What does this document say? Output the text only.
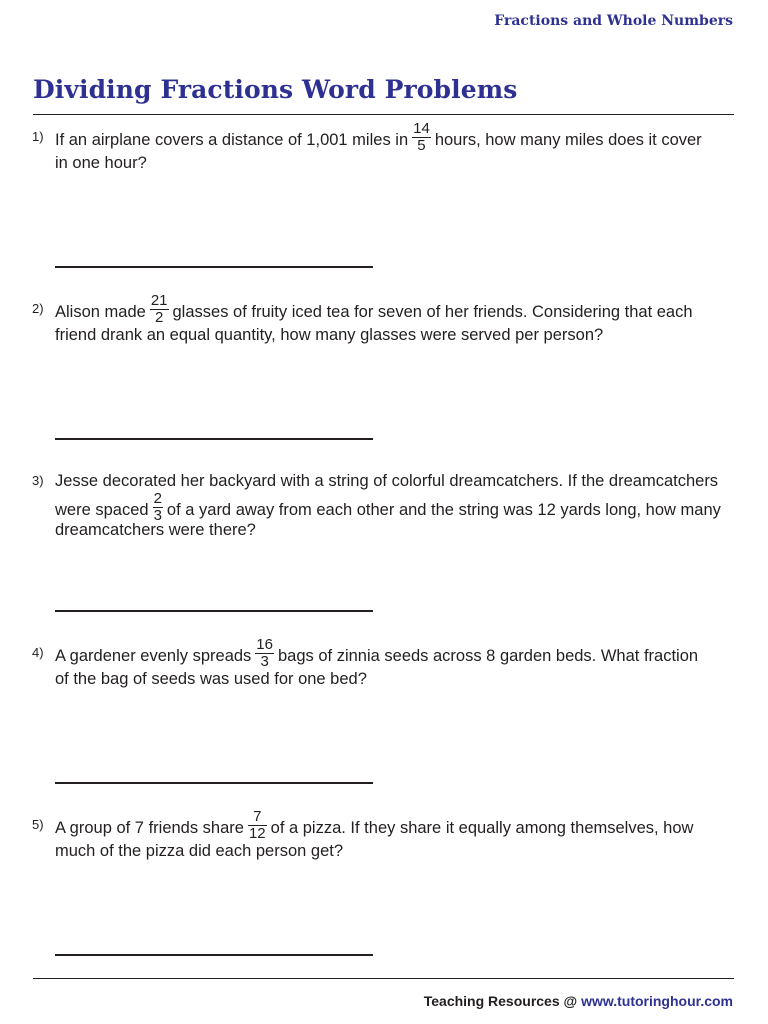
Fractions and Whole Numbers
Dividing Fractions Word Problems
1) If an airplane covers a distance of 1,001 miles in $\frac{14}{5}$ hours, how many miles does it cover
in one hour?
2) Alison made $\frac{21}{2}$ glasses of fruity iced tea for seven of her friends. Considering that each
friend drank an equal quantity, how many glasses were served per person?
3) Jesse decorated her backyard with a string of colorful dreamcatchers. If the dreamcatchers
were spaced $\frac{2}{3}$ of a yard away from each other and the string was 12 yards long, how many
dreamcatchers were there?
4) A gardener evenly spreads $\frac{16}{3}$ bags of zinnia seeds across 8 garden beds. What fraction
of the bag of seeds was used for one bed?
5) A group of 7 friends share $\frac{7}{12}$ of a pizza. If they share it equally among themselves, how
much of the pizza did each person get?
Teaching Resources @ www.tutoringhour.com
